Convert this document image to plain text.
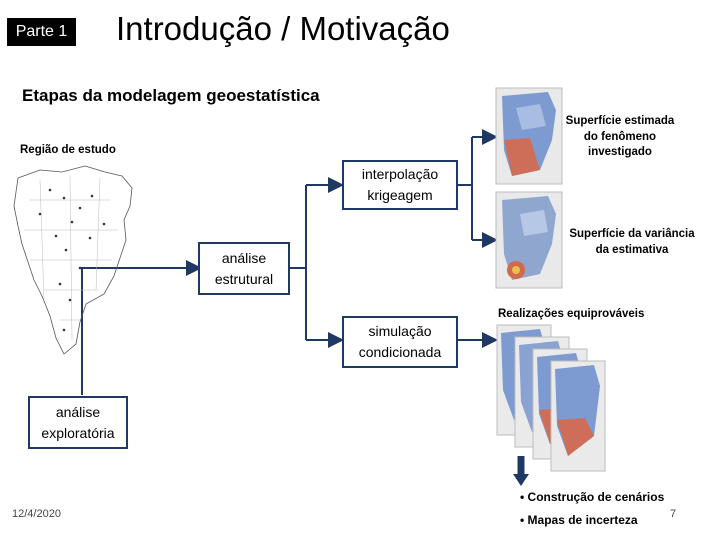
Parte 1 Introdução / Motivação
Etapas da modelagem geoestatística
Região de estudo
Superfície estimada
do fenômeno
investigado
Superfície da variância
da estimativa
Realizações equiprováveis
interpolação
krigeagem
análise
estrutural
simulação
condicionada
análise
exploratória
• Construção de cenários
• Mapas de incerteza
12/4/2020	7
